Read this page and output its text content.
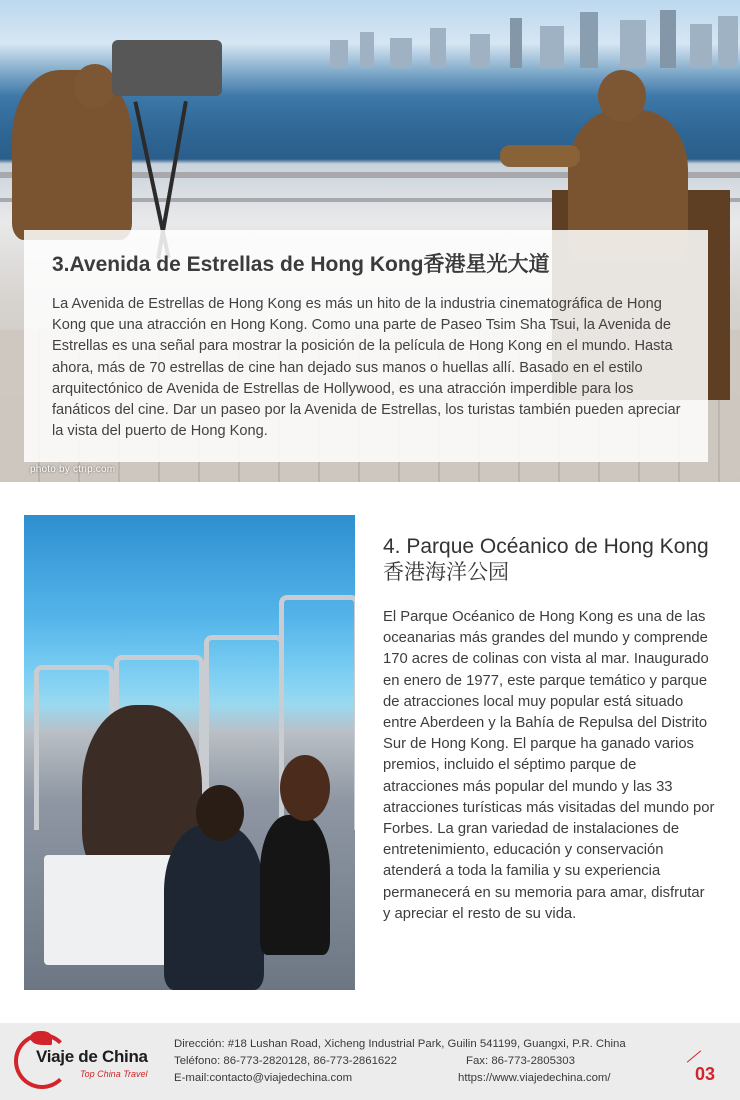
3.Avenida de Estrellas de Hong Kong香港星光大道

La Avenida de Estrellas de Hong Kong es más un hito de la industria cinematográfica de Hong Kong que una atracción en Hong Kong. Como una parte de Paseo Tsim Sha Tsui, la Avenida de Estrellas es una señal para mostrar la posición de la película de Hong Kong en el mundo. Hasta ahora, más de 70 estrellas de cine han dejado sus manos o huellas allí. Basado en el estilo arquitectónico de Avenida de Estrellas de Hollywood, es una atracción imperdible para los fanáticos del cine. Dar un paseo por la Avenida de Estrellas, los turistas también pueden apreciar la vista del puerto de Hong Kong.

photo by ctrip.com
4. Parque Océanico de Hong Kong香港海洋公园

El Parque Océanico de Hong Kong es una de las oceanarias más grandes del mundo y comprende 170 acres de colinas con vista al mar. Inaugurado en enero de 1977, este parque temático y parque de atracciones local muy popular está situado entre Aberdeen y la Bahía de Repulsa del Distrito Sur de Hong Kong. El parque ha ganado varios premios, incluido el séptimo parque de atracciones más popular del mundo y las 33 atracciones turísticas más visitadas del mundo por Forbes. La gran variedad de instalaciones de entretenimiento, educación y conservación atenderá a toda la familia y su experiencia permanecerá en su memoria para amar, disfrutar y apreciar el resto de su vida.

Viaje de China
Top China Travel
Dirección: #18 Lushan Road, Xicheng Industrial Park, Guilin 541199, Guangxi, P.R. China
Teléfono: 86-773-2820128, 86-773-2861622	Fax: 86-773-2805303
E-mail:contacto@viajedechina.com	https://www.viajedechina.com/	03
